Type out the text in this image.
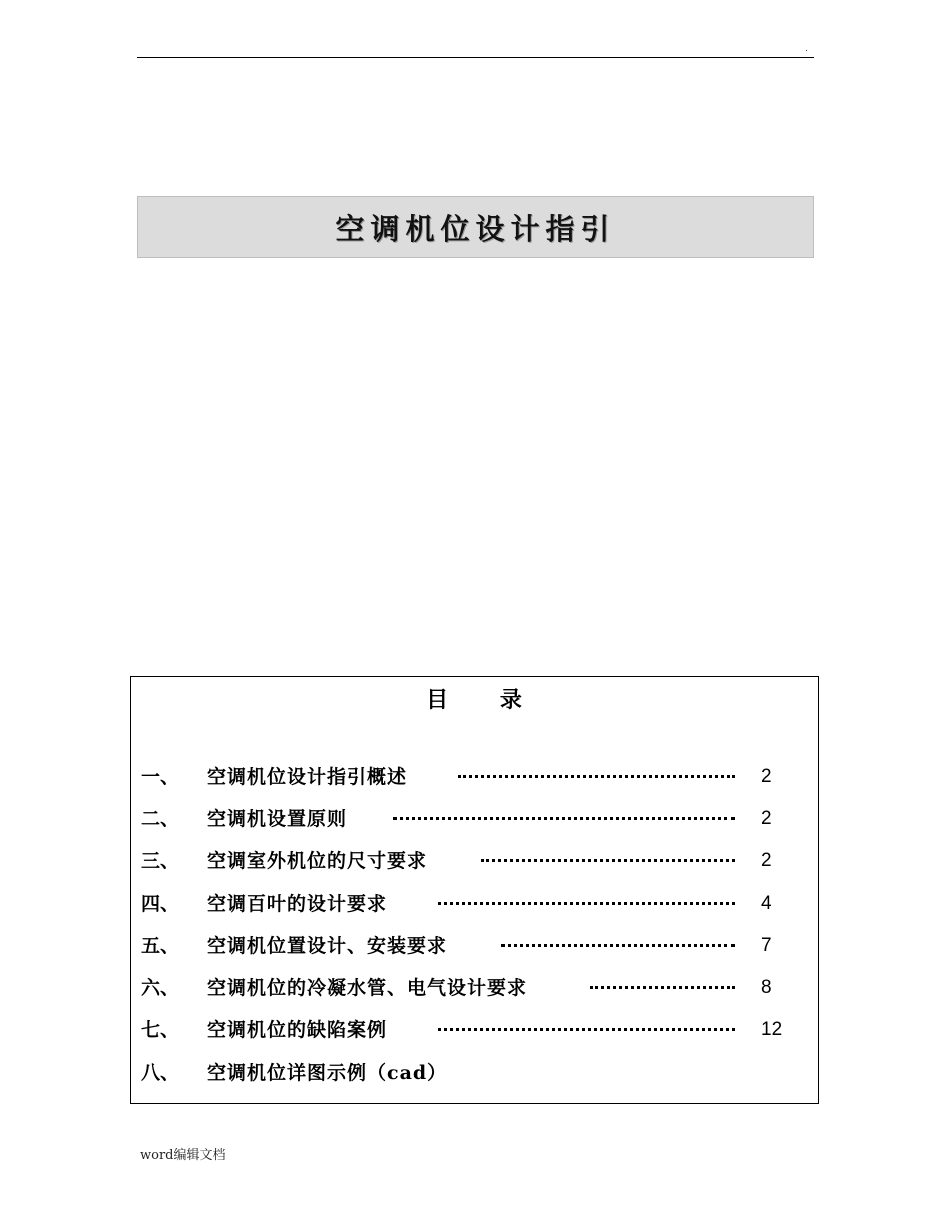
.
空调机位设计指引
目 录
一、 空调机位设计指引概述	2
二、 空调机设置原则	2
三、 空调室外机位的尺寸要求	2
四、 空调百叶的设计要求	4
五、 空调机位置设计、安装要求	7
六、 空调机位的冷凝水管、电气设计要求	8
七、 空调机位的缺陷案例	12
八、 空调机位详图示例（cad）
word编辑文档
